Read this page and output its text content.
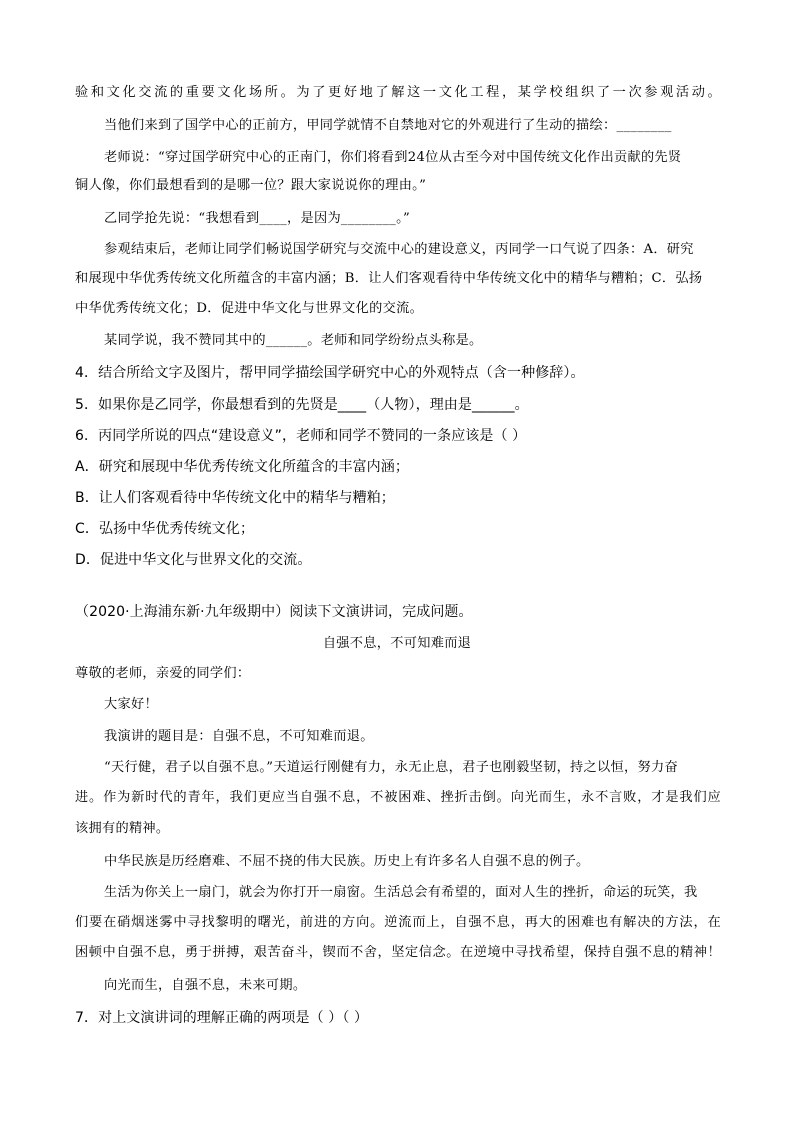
验和文化交流的重要文化场所。为了更好地了解这一文化工程，某学校组织了一次参观活动。
当他们来到了国学中心的正前方，甲同学就情不自禁地对它的外观进行了生动的描绘：________
老师说：“穿过国学研究中心的正南门，你们将看到24位从古至今对中国传统文化作出贡献的先贤
铜人像，你们最想看到的是哪一位？跟大家说说你的理由。”
乙同学抢先说：“我想看到____，是因为________。”
参观结束后，老师让同学们畅说国学研究与交流中心的建设意义，丙同学一口气说了四条：A．研究
和展现中华优秀传统文化所蕴含的丰富内涵；B．让人们客观看待中华传统文化中的精华与糟粕；C．弘扬
中华优秀传统文化；D．促进中华文化与世界文化的交流。
某同学说，我不赞同其中的______。老师和同学纷纷点头称是。
4．结合所给文字及图片，帮甲同学描绘国学研究中心的外观特点（含一种修辞）。
5．如果你是乙同学，你最想看到的先贤是____（人物），理由是______。
6．丙同学所说的四点“建设意义”，老师和同学不赞同的一条应该是（ ）
A．研究和展现中华优秀传统文化所蕴含的丰富内涵；
B．让人们客观看待中华传统文化中的精华与糟粕；
C．弘扬中华优秀传统文化；
D．促进中华文化与世界文化的交流。
（2020·上海浦东新·九年级期中）阅读下文演讲词，完成问题。
自强不息，不可知难而退
尊敬的老师，亲爱的同学们：
大家好！
我演讲的题目是：自强不息，不可知难而退。
“天行健，君子以自强不息。”天道运行刚健有力，永无止息，君子也刚毅坚韧，持之以恒，努力奋
进。作为新时代的青年，我们更应当自强不息，不被困难、挫折击倒。向光而生，永不言败，才是我们应
该拥有的精神。
中华民族是历经磨难、不屈不挠的伟大民族。历史上有许多名人自强不息的例子。
生活为你关上一扇门，就会为你打开一扇窗。生活总会有希望的，面对人生的挫折，命运的玩笑，我
们要在硝烟迷雾中寻找黎明的曙光，前进的方向。逆流而上，自强不息，再大的困难也有解决的方法，在
困顿中自强不息，勇于拼搏，艰苦奋斗，锲而不舍，坚定信念。在逆境中寻找希望，保持自强不息的精神！
向光而生，自强不息，未来可期。
7．对上文演讲词的理解正确的两项是（ ）（ ）
